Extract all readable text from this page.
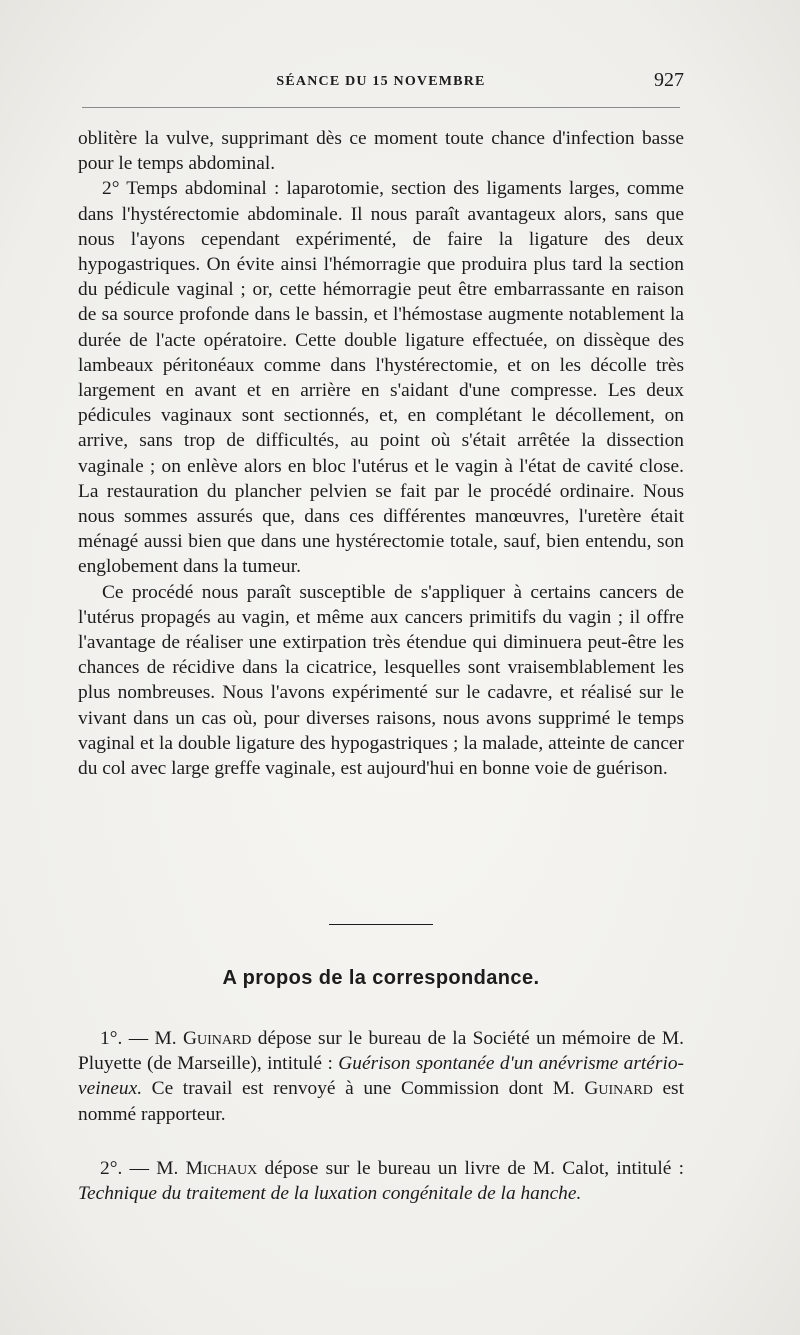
SÉANCE DU 15 NOVEMBRE	927

oblitère la vulve, supprimant dès ce moment toute chance d'infection basse pour le temps abdominal.

2° Temps abdominal : laparotomie, section des ligaments larges, comme dans l'hystérectomie abdominale. Il nous paraît avantageux alors, sans que nous l'ayons cependant expérimenté, de faire la ligature des deux hypogastriques. On évite ainsi l'hémorragie que produira plus tard la section du pédicule vaginal ; or, cette hémorragie peut être embarrassante en raison de sa source profonde dans le bassin, et l'hémostase augmente notablement la durée de l'acte opératoire. Cette double ligature effectuée, on dissèque des lambeaux péritonéaux comme dans l'hystérectomie, et on les décolle très largement en avant et en arrière en s'aidant d'une compresse. Les deux pédicules vaginaux sont sectionnés, et, en complétant le décollement, on arrive, sans trop de difficultés, au point où s'était arrêtée la dissection vaginale ; on enlève alors en bloc l'utérus et le vagin à l'état de cavité close. La restauration du plancher pelvien se fait par le procédé ordinaire. Nous nous sommes assurés que, dans ces différentes manœuvres, l'uretère était ménagé aussi bien que dans une hystérectomie totale, sauf, bien entendu, son englobement dans la tumeur.

Ce procédé nous paraît susceptible de s'appliquer à certains cancers de l'utérus propagés au vagin, et même aux cancers primitifs du vagin ; il offre l'avantage de réaliser une extirpation très étendue qui diminuera peut-être les chances de récidive dans la cicatrice, lesquelles sont vraisemblablement les plus nombreuses. Nous l'avons expérimenté sur le cadavre, et réalisé sur le vivant dans un cas où, pour diverses raisons, nous avons supprimé le temps vaginal et la double ligature des hypogastriques ; la malade, atteinte de cancer du col avec large greffe vaginale, est aujourd'hui en bonne voie de guérison.

A propos de la correspondance.

1°. — M. Guinard dépose sur le bureau de la Société un mémoire de M. Pluyette (de Marseille), intitulé : Guérison spontanée d'un anévrisme artério-veineux. Ce travail est renvoyé à une Commission dont M. Guinard est nommé rapporteur.

2°. — M. Michaux dépose sur le bureau un livre de M. Calot, intitulé : Technique du traitement de la luxation congénitale de la hanche.
